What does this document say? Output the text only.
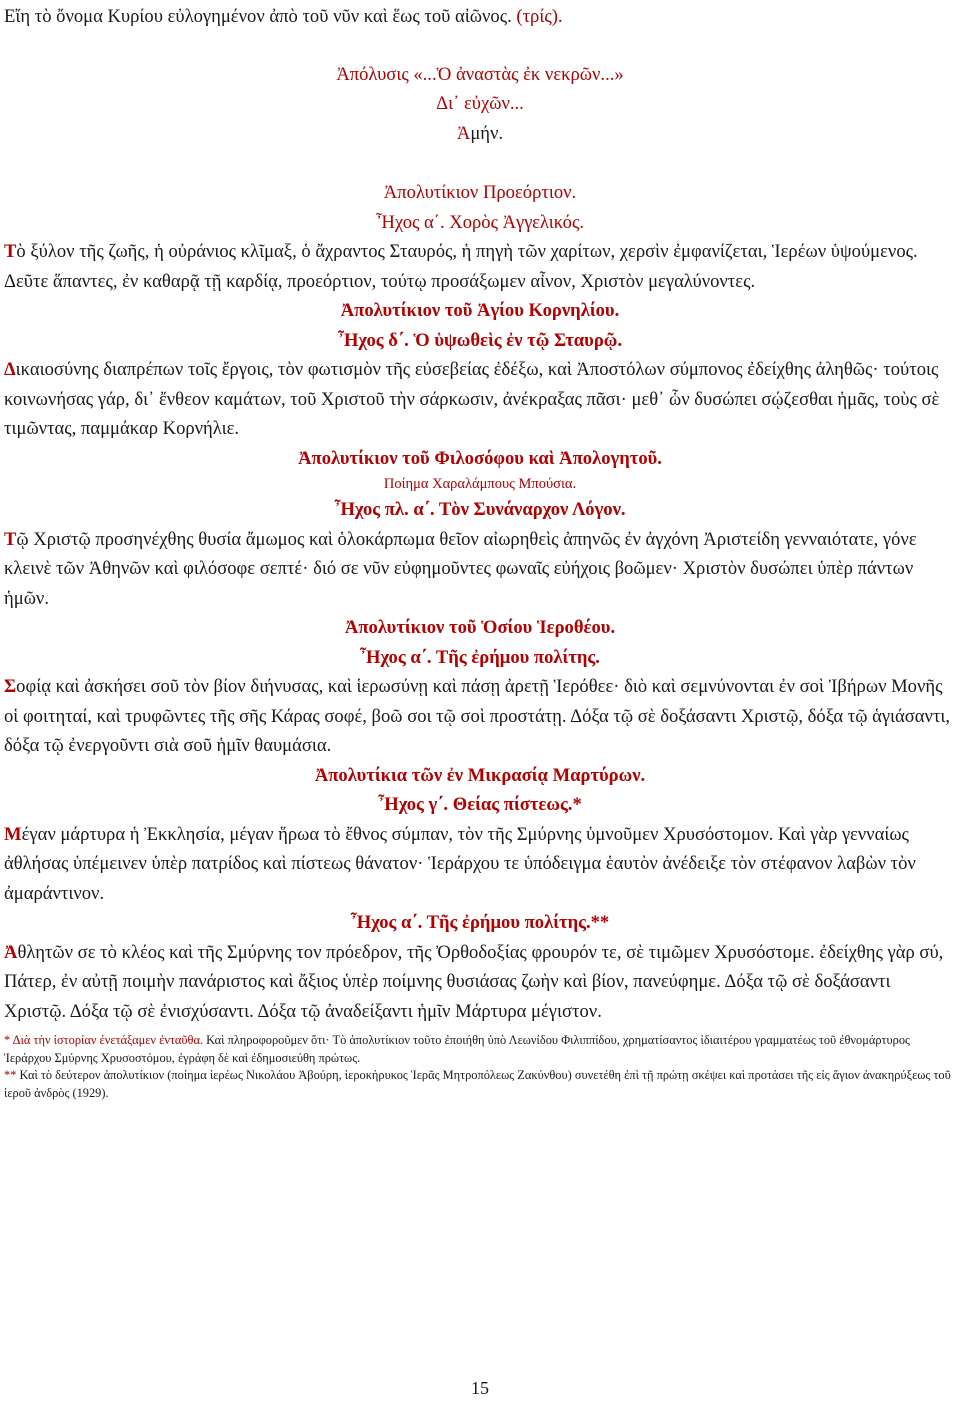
Εἴη τὸ ὄνομα Κυρίου εὐλογημένον ἀπὸ τοῦ νῦν καὶ ἕως τοῦ αἰῶνος. (τρίς).

Ἀπόλυσις «...Ὁ ἀναστὰς ἐκ νεκρῶν...»

Δι᾽ εὐχῶν...

Ἀμήν.

Ἀπολυτίκιον Προεόρτιον.

Ἦχος α΄. Χορὸς Ἀγγελικός.

Τὸ ξύλον τῆς ζωῆς, ἡ οὐράνιος κλῖμαξ, ὁ ἄχραντος Σταυρός, ἡ πηγὴ τῶν χαρίτων, χερσὶν ἐμφανίζεται, Ἱερέων ὑψούμενος. Δεῦτε ἅπαντες, ἐν καθαρᾷ τῇ καρδίᾳ, προεόρτιον, τούτῳ προσάξωμεν αἶνον, Χριστὸν μεγαλύνοντες.

Ἀπολυτίκιον τοῦ Ἁγίου Κορνηλίου.

Ἦχος δ΄. Ὁ ὑψωθεὶς ἐν τῷ Σταυρῷ.

Δικαιοσύνης διαπρέπων τοῖς ἔργοις, τὸν φωτισμὸν τῆς εὐσεβείας ἐδέξω, καὶ Ἀποστόλων σύμπονος ἐδείχθης ἀληθῶς· τούτοις κοινωνήσας γάρ, δι᾽ ἔνθεον καμάτων, τοῦ Χριστοῦ τὴν σάρκωσιν, ἀνέκραξας πᾶσι· μεθ᾽ ὧν δυσώπει σῴζεσθαι ἡμᾶς, τοὺς σὲ τιμῶντας, παμμάκαρ Κορνήλιε.

Ἀπολυτίκιον τοῦ Φιλοσόφου καὶ Ἀπολογητοῦ.

Ποίημα Χαραλάμπους Μπούσια.

Ἦχος πλ. α΄. Τὸν Συνάναρχον Λόγον.

Τῷ Χριστῷ προσηνέχθης θυσία ἄμωμος καὶ ὁλοκάρπωμα θεῖον αἰωρηθεὶς ἀπηνῶς ἐν ἀγχόνη Ἀριστείδη γενναιότατε, γόνε κλεινὲ τῶν Ἀθηνῶν καὶ φιλόσοφε σεπτέ· διό σε νῦν εὐφημοῦντες φωναῖς εὐήχοις βοῶμεν· Χριστὸν δυσώπει ὑπὲρ πάντων ἡμῶν.

Ἀπολυτίκιον τοῦ Ὁσίου Ἱεροθέου.

Ἦχος α΄. Τῆς ἐρήμου πολίτης.

Σοφίᾳ καὶ ἀσκήσει σοῦ τὸν βίον διήνυσας, καὶ ἱερωσύνῃ καὶ πάσῃ ἀρετῇ Ἱερόθεε· διὸ καὶ σεμνύνονται ἐν σοὶ Ἰβήρων Μονῆς οἱ φοιτηταί, καὶ τρυφῶντες τῆς σῆς Κάρας σοφέ, βοῶ σοι τῷ σοὶ προστάτῃ. Δόξα τῷ σὲ δοξάσαντι Χριστῷ, δόξα τῷ ἁγιάσαντι, δόξα τῷ ἐνεργοῦντι σιὰ σοῦ ἡμῖν θαυμάσια.

Ἀπολυτίκια τῶν ἐν Μικρασίᾳ Μαρτύρων.

Ἦχος γ΄. Θείας πίστεως.*

Μέγαν μάρτυρα ἡ Ἐκκλησία, μέγαν ἥρωα τὸ ἔθνος σύμπαν, τὸν τῆς Σμύρνης ὑμνοῦμεν Χρυσόστομον. Καὶ γὰρ γενναίως ἀθλήσας ὑπέμεινεν ὑπὲρ πατρίδος καὶ πίστεως θάνατον· Ἱεράρχου τε ὑπόδειγμα ἑαυτὸν ἀνέδειξε τὸν στέφανον λαβὼν τὸν ἀμαράντινον.

Ἦχος α΄. Τῆς ἐρήμου πολίτης.**

Ἀθλητῶν σε τὸ κλέος καὶ τῆς Σμύρνης τον πρόεδρον, τῆς Ὀρθοδοξίας φρουρόν τε, σὲ τιμῶμεν Χρυσόστομε. ἐδείχθης γὰρ σύ, Πάτερ, ἐν αὐτῇ ποιμὴν πανάριστος καὶ ἄξιος ὑπὲρ ποίμνης θυσιάσας ζωὴν καὶ βίον, πανεύφημε. Δόξα τῷ σὲ δοξάσαντι Χριστῷ. Δόξα τῷ σὲ ἐνισχύσαντι. Δόξα τῷ ἀναδείξαντι ἡμῖν Μάρτυρα μέγιστον.

* Διὰ τὴν ἱστορίαν ἐνετάξαμεν ἐνταῦθα. Καὶ πληροφοροῦμεν ὅτι· Τὸ ἀπολυτίκιον τοῦτο ἐποιήθη ὑπὸ Λεωνίδου Φιλιππίδου, χρηματίσαντος ἰδιαιτέρου γραμματέως τοῦ ἐθνομάρτυρος Ἱεράρχου Σμύρνης Χρυσοστόμου, ἐγράφη δὲ καὶ ἐδημοσιεύθη πρώτως.

** Καὶ τὸ δεύτερον ἀπολυτίκιον (ποίημα ἱερέως Νικολάου Ἀβούρη, ἱεροκήρυκος Ἱερᾶς Μητροπόλεως Ζακύνθου) συνετέθη ἐπὶ τῇ πρώτῃ σκέψει καὶ προτάσει τῆς εἰς ἅγιον ἀνακηρύξεως τοῦ ἱεροῦ ἀνδρὸς (1929).

15
